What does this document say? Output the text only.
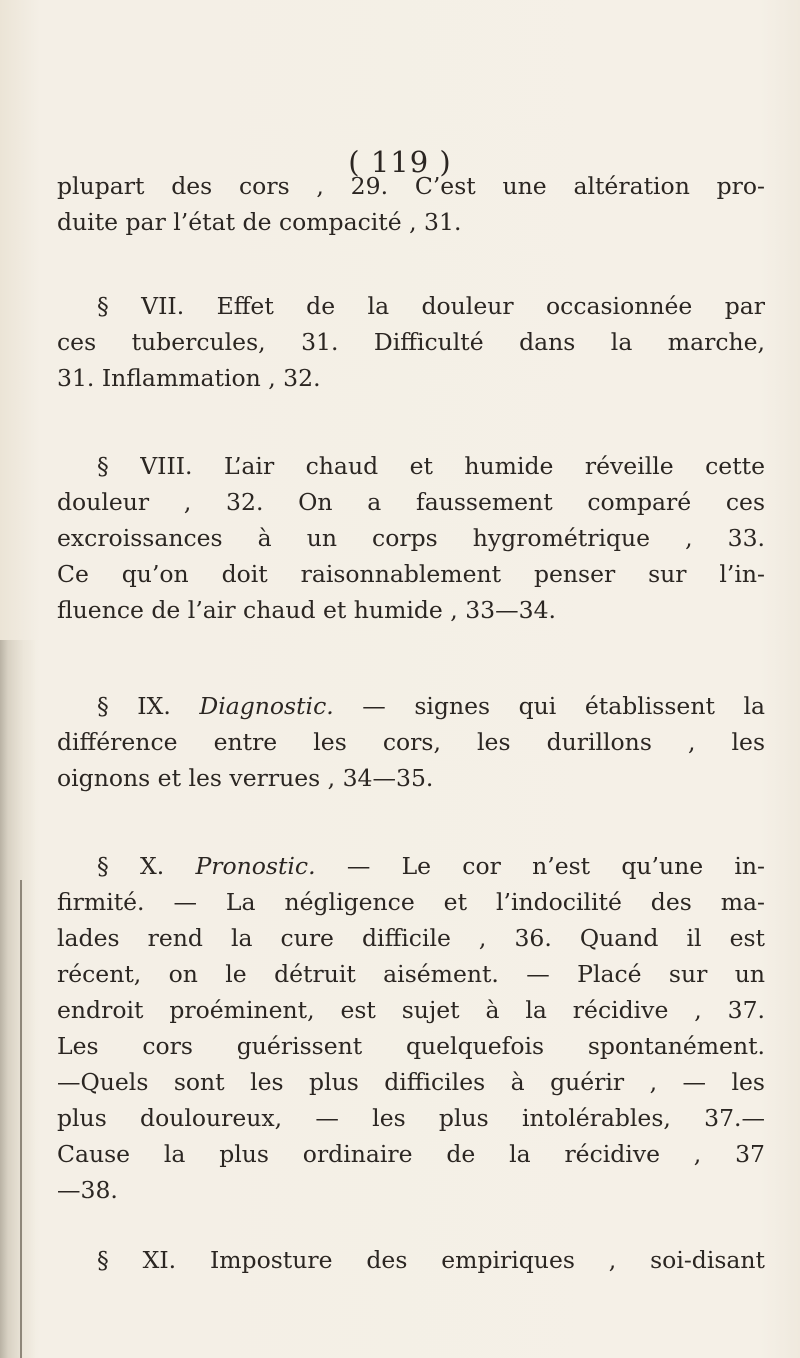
( 119 )
plupart des cors , 29. C’est une altération pro-
duite par l’état de compacité , 31.
§ VII. Effet de la douleur occasionnée par
ces tubercules, 31. Difficulté dans la marche,
31. Inflammation , 32.
§ VIII. L’air chaud et humide réveille cette
douleur , 32. On a faussement comparé ces
excroissances à un corps hygrométrique , 33.
Ce qu’on doit raisonnablement penser sur l’in-
fluence de l’air chaud et humide , 33—34.
§ IX. Diagnostic. — signes qui établissent la
différence entre les cors, les durillons , les
oignons et les verrues , 34—35.
§ X. Pronostic. — Le cor n’est qu’une in-
firmité. — La négligence et l’indocilité des ma-
lades rend la cure difficile , 36. Quand il est
récent, on le détruit aisément. — Placé sur un
endroit proéminent, est sujet à la récidive , 37.
Les cors guérissent quelquefois spontanément.
—Quels sont les plus difficiles à guérir , — les
plus douloureux, — les plus intolérables, 37.—
Cause la plus ordinaire de la récidive , 37
—38.
§ XI. Imposture des empiriques , soi-disant
